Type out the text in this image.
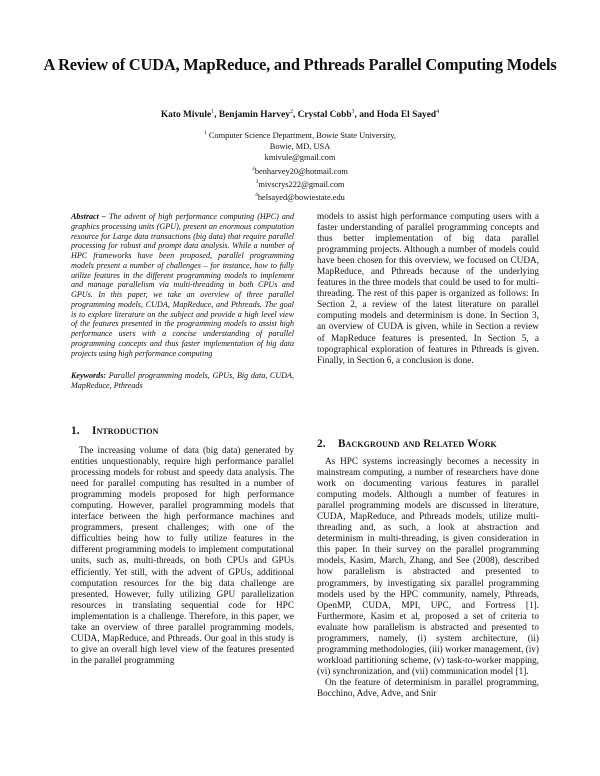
A Review of CUDA, MapReduce, and Pthreads Parallel Computing Models
Kato Mivule$^1$, Benjamin Harvey$^2$, Crystal Cobb$^3$, and Hoda El Sayed$^4$
$^1$ Computer Science Department, Bowie State University,
Bowie, MD, USA
kmivule@gmail.com
$^2$benharvey20@hotmail.com
$^3$mivscrys222@gmail.com
$^4$helsayed@bowiestate.edu
Abstract – The advent of high performance computing (HPC) and graphics processing units (GPU), present an enormous computation resource for Large data transactions (big data) that require parallel processing for robust and prompt data analysis. While a number of HPC frameworks have been proposed, parallel programming models present a number of challenges – for instance, how to fully utilize features in the different programming models to implement and manage parallelism via multi-threading in both CPUs and GPUs. In this paper, we take an overview of three parallel programming models, CUDA, MapReduce, and Pthreads. The goal is to explore literature on the subject and provide a high level view of the features presented in the programming models to assist high performance users with a concise understanding of parallel programming concepts and thus faster implementation of big data projects using high performance computing
Keywords: Parallel programming models, GPUs, Big data, CUDA, MapReduce, Pthreads
1. Introduction
The increasing volume of data (big data) generated by entities unquestionably, require high performance parallel processing models for robust and speedy data analysis. The need for parallel computing has resulted in a number of programming models proposed for high performance computing. However, parallel programming models that interface between the high performance machines and programmers, present challenges; with one of the difficulties being how to fully utilize features in the different programming models to implement computational units, such as, multi-threads, on both CPUs and GPUs efficiently. Yet still, with the advent of GPUs, additional computation resources for the big data challenge are presented. However, fully utilizing GPU parallelization resources in translating sequential code for HPC implementation is a challenge. Therefore, in this paper, we take an overview of three parallel programming models, CUDA, MapReduce, and Pthreads. Our goal in this study is to give an overall high level view of the features presented in the parallel programming
models to assist high performance computing users with a faster understanding of parallel programming concepts and thus better implementation of big data parallel programming projects. Although a number of models could have been chosen for this overview, we focused on CUDA, MapReduce, and Pthreads because of the underlying features in the three models that could be used to for multi-threading. The rest of this paper is organized as follows: In Section 2, a review of the latest literature on parallel computing models and determinism is done. In Section 3, an overview of CUDA is given, while in Section a review of MapReduce features is presented. In Section 5, a topographical exploration of features in Pthreads is given. Finally, in Section 6, a conclusion is done.
2. Background and Related Work
As HPC systems increasingly becomes a necessity in mainstream computing, a number of researchers have done work on documenting various features in parallel computing models. Although a number of features in parallel programming models are discussed in literature, CUDA, MapReduce, and Pthreads models, utilize multi-threading and, as such, a look at abstraction and determinism in multi-threading, is given consideration in this paper. In their survey on the parallel programming models, Kasim, March, Zhang, and See (2008), described how parallelism is abstracted and presented to programmers, by investigating six parallel programming models used by the HPC community, namely, Pthreads, OpenMP, CUDA, MPI, UPC, and Fortress [1]. Furthermore, Kasim et al, proposed a set of criteria to evaluate how parallelism is abstracted and presented to programmers, namely, (i) system architecture, (ii) programming methodologies, (iii) worker management, (iv) workload partitioning scheme, (v) task-to-worker mapping, (vi) synchronization, and (vii) communication model [1].
On the feature of determinism in parallel programming, Bocchino, Adve, Adve, and Snir
